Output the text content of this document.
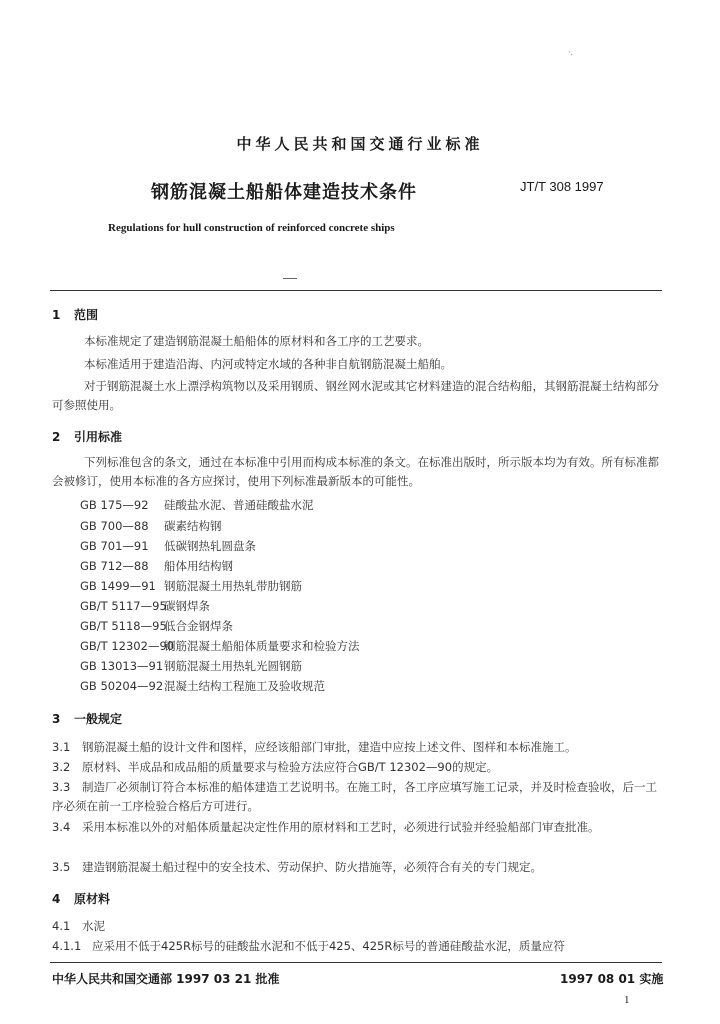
·.
中华人民共和国交通行业标准
钢筋混凝土船船体建造技术条件	JT/T 308 1997
Regulations for hull construction of reinforced concrete ships
1 范围
本标准规定了建造钢筋混凝土船船体的原材料和各工序的工艺要求。
本标准适用于建造沿海、内河或特定水域的各种非自航钢筋混凝土船舶。
对于钢筋混凝土水上漂浮构筑物以及采用钢质、钢丝网水泥或其它材料建造的混合结构船，其钢筋混凝土结构部分可参照使用。
2 引用标准
下列标准包含的条文，通过在本标准中引用而构成本标准的条文。在标准出版时，所示版本均为有效。所有标准都会被修订，使用本标准的各方应探讨，使用下列标准最新版本的可能性。
GB 175—92 硅酸盐水泥、普通硅酸盐水泥
GB 700—88 碳素结构钢
GB 701—91 低碳钢热轧圆盘条
GB 712—88 船体用结构钢
GB 1499—91 钢筋混凝土用热轧带肋钢筋
GB/T 5117—95碳钢焊条
GB/T 5118—95低合金钢焊条
GB/T 12302—90钢筋混凝土船船体质量要求和检验方法
GB 13013—91钢筋混凝土用热轧光圆钢筋
GB 50204—92混凝土结构工程施工及验收规范
3 一般规定
3.1 钢筋混凝土船的设计文件和图样，应经该船部门审批，建造中应按上述文件、图样和本标准施工。
3.2 原材料、半成品和成品船的质量要求与检验方法应符合GB/T 12302—90的规定。
3.3 制造厂必须制订符合本标准的船体建造工艺说明书。在施工时，各工序应填写施工记录，并及时检查验收，后一工序必须在前一工序检验合格后方可进行。
3.4 采用本标准以外的对船体质量起决定性作用的原材料和工艺时，必须进行试验并经验船部门审查批准。
3.5 建造钢筋混凝土船过程中的安全技术、劳动保护、防火措施等，必须符合有关的专门规定。
4 原材料
4.1 水泥
4.1.1 应采用不低于425R标号的硅酸盐水泥和不低于425、425R标号的普通硅酸盐水泥，质量应符
中华人民共和国交通部 1997 03 21 批准	1997 08 01 实施
1
